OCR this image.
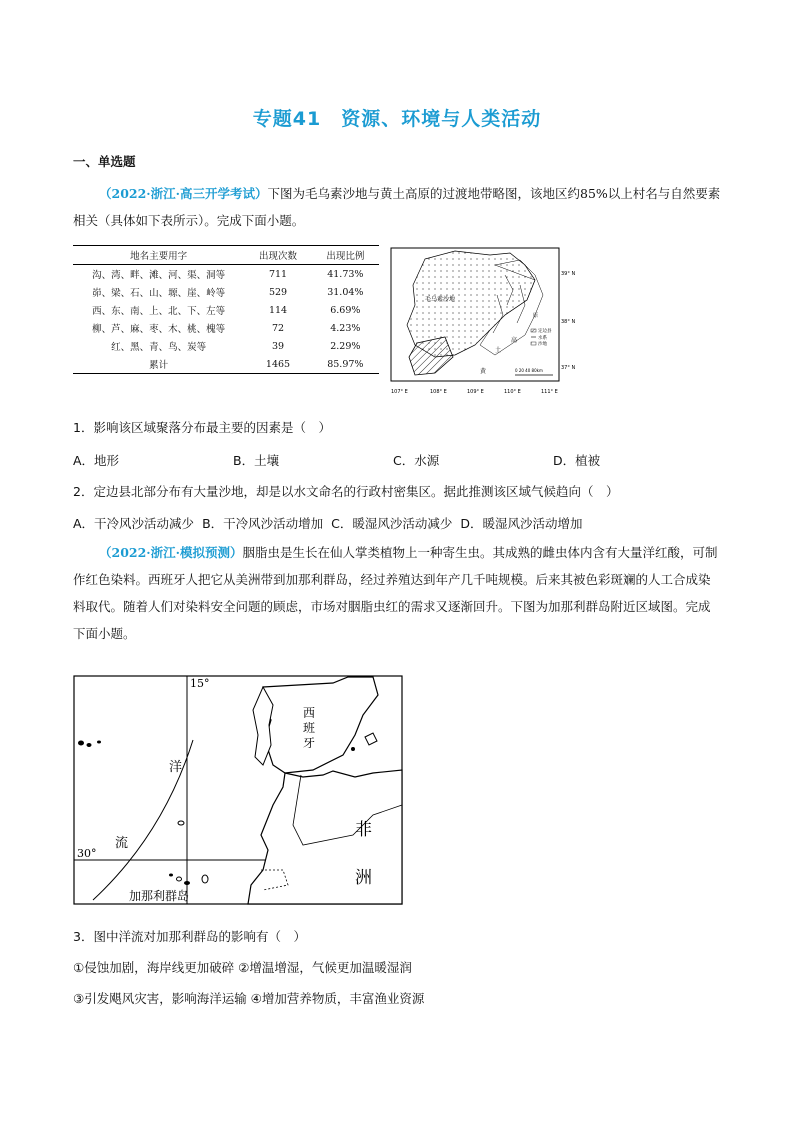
专题41　资源、环境与人类活动
一、单选题
（2022·浙江·高三开学考试）下图为毛乌素沙地与黄土高原的过渡地带略图，该地区约85%以上村名与自然要素相关（具体如下表所示）。完成下面小题。
地名主要用字	出现次数	出现比例
沟、湾、畔、滩、河、渠、洞等	711	41.73%
峁、梁、石、山、塬、崖、岭等	529	31.04%
西、东、南、上、北、下、左等	114	6.69%
柳、芦、麻、枣、木、桃、槐等	72	4.23%
红、黑、青、鸟、炭等	39	2.29%
累计	1465	85.97%
毛乌素沙地
高
土
黄
原
定边县
水系
沙地
0 20 40 80km
39° N
38° N
37° N
107° E	108° E	109° E	110° E	111° E
1．影响该区域聚落分布最主要的因素是（　）
A．地形	B．土壤	C．水源	D．植被
2．定边县北部分布有大量沙地，却是以水文命名的行政村密集区。据此推测该区域气候趋向（　）
A．干冷风沙活动减少 B．干冷风沙活动增加 C．暖湿风沙活动减少 D．暖湿风沙活动增加
（2022·浙江·模拟预测）胭脂虫是生长在仙人掌类植物上一种寄生虫。其成熟的雌虫体内含有大量洋红酸，可制作红色染料。西班牙人把它从美洲带到加那利群岛，经过养殖达到年产几千吨规模。后来其被色彩斑斓的人工合成染料取代。随着人们对染料安全问题的顾虑，市场对胭脂虫红的需求又逐渐回升。下图为加那利群岛附近区域图。完成下面小题。
15°
30°
西
班
牙
洋
流
非
洲
加那利群岛
3．图中洋流对加那利群岛的影响有（　）
①侵蚀加剧，海岸线更加破碎 ②增温增湿，气候更加温暖湿润
③引发飓风灾害，影响海洋运输 ④增加营养物质，丰富渔业资源
